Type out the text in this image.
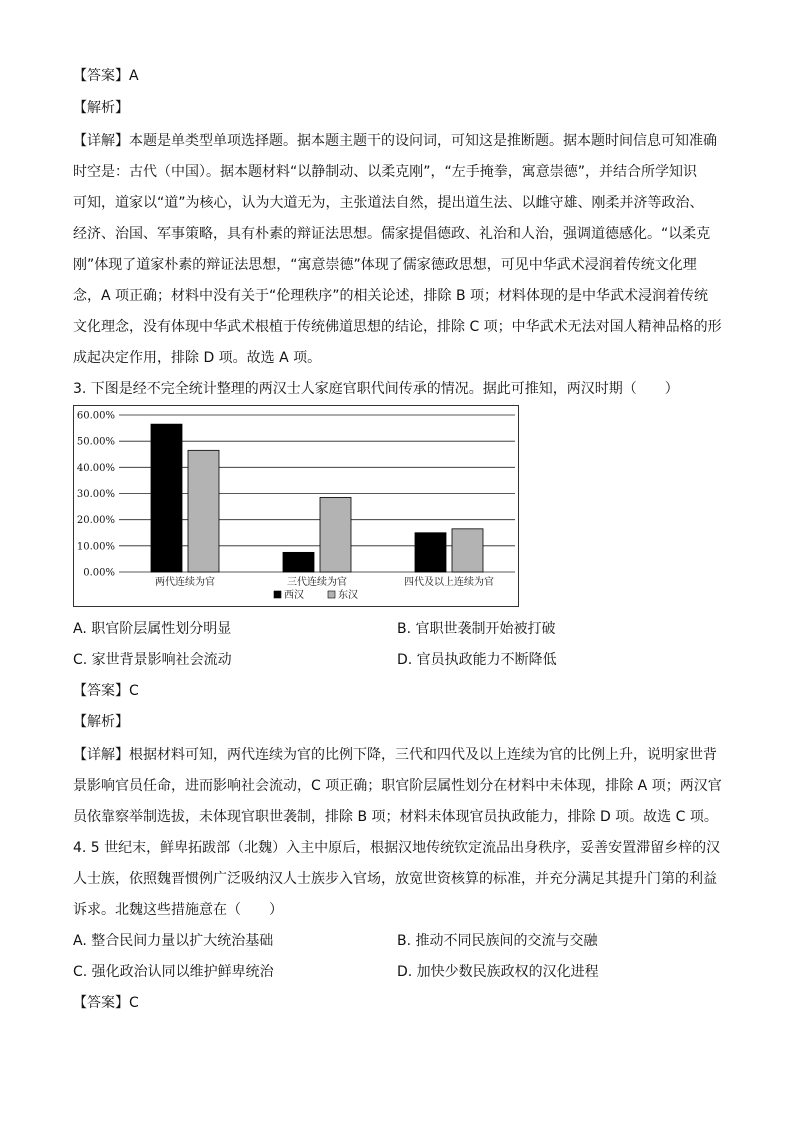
【答案】A
【解析】
【详解】本题是单类型单项选择题。据本题主题干的设问词，可知这是推断题。据本题时间信息可知准确
时空是：古代（中国）。据本题材料“以静制动、以柔克刚”，“左手掩拳，寓意崇德”，并结合所学知识
可知，道家以“道”为核心，认为大道无为，主张道法自然，提出道生法、以雌守雄、刚柔并济等政治、
经济、治国、军事策略，具有朴素的辩证法思想。儒家提倡德政、礼治和人治，强调道德感化。“以柔克
刚”体现了道家朴素的辩证法思想，“寓意崇德”体现了儒家德政思想，可见中华武术浸润着传统文化理
念，A 项正确；材料中没有关于“伦理秩序”的相关论述，排除 B 项；材料体现的是中华武术浸润着传统
文化理念，没有体现中华武术根植于传统佛道思想的结论，排除 C 项；中华武术无法对国人精神品格的形
成起决定作用，排除 D 项。故选 A 项。
3. 下图是经不完全统计整理的两汉士人家庭官职代间传承的情况。据此可推知，两汉时期（　　）
0.00%
10.00%
20.00%
30.00%
40.00%
50.00%
60.00%
两代连续为官	三代连续为官	四代及以上连续为官
西汉	东汉
A. 职官阶层属性划分明显	B. 官职世袭制开始被打破
C. 家世背景影响社会流动	D. 官员执政能力不断降低
【答案】C
【解析】
【详解】根据材料可知，两代连续为官的比例下降，三代和四代及以上连续为官的比例上升，说明家世背
景影响官员任命，进而影响社会流动，C 项正确；职官阶层属性划分在材料中未体现，排除 A 项；两汉官
员依靠察举制选拔，未体现官职世袭制，排除 B 项；材料未体现官员执政能力，排除 D 项。故选 C 项。
4. 5 世纪末，鲜卑拓跋部（北魏）入主中原后，根据汉地传统钦定流品出身秩序，妥善安置滞留乡梓的汉
人士族，依照魏晋惯例广泛吸纳汉人士族步入官场，放宽世资核算的标准，并充分满足其提升门第的利益
诉求。北魏这些措施意在（　　）
A. 整合民间力量以扩大统治基础	B. 推动不同民族间的交流与交融
C. 强化政治认同以维护鲜卑统治	D. 加快少数民族政权的汉化进程
【答案】C
